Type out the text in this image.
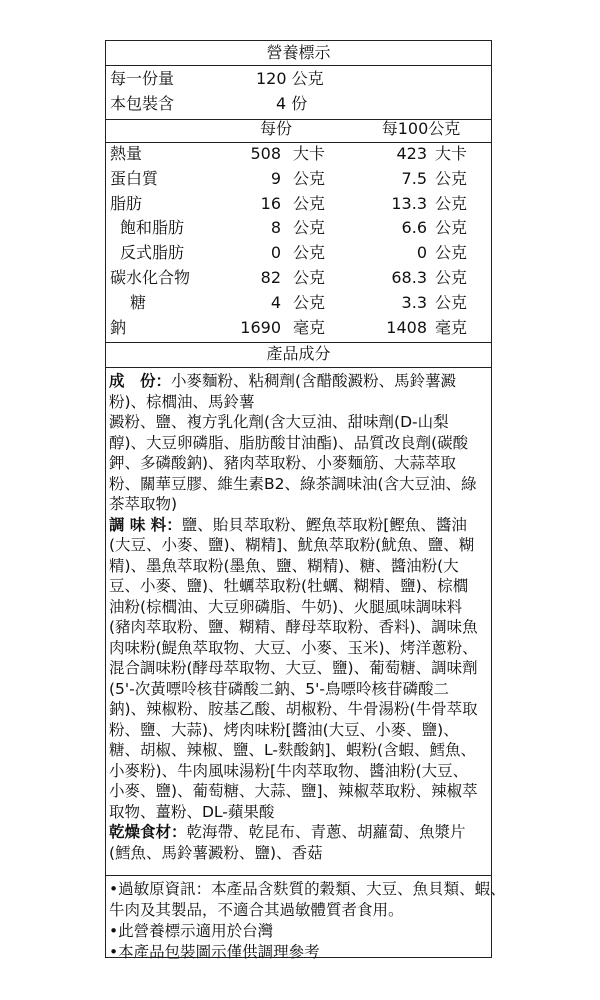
營養標示
每一份量	120 公克
本包裝含	4 份
每份	每100公克
熱量	508 大卡	423 大卡
蛋白質	9 公克	7.5 公克
脂肪	16 公克	13.3 公克
飽和脂肪	8 公克	6.6 公克
反式脂肪	0 公克	0 公克
碳水化合物	82 公克	68.3 公克
糖	4 公克	3.3 公克
鈉	1690 毫克	1408 毫克
產品成分
成　份：小麥麵粉、粘稠劑(含醋酸澱粉、馬鈴薯澱
粉)、棕櫚油、馬鈴薯
澱粉、鹽、複方乳化劑(含大豆油、甜味劑(D-山梨
醇)、大豆卵磷脂、脂肪酸甘油酯)、品質改良劑(碳酸
鉀、多磷酸鈉)、豬肉萃取粉、小麥麵筋、大蒜萃取
粉、關華豆膠、維生素B2、綠茶調味油(含大豆油、綠
茶萃取物)
調 味 料：鹽、貽貝萃取粉、鰹魚萃取粉[鰹魚、醬油
(大豆、小麥、鹽)、糊精]、魷魚萃取粉(魷魚、鹽、糊
精)、墨魚萃取粉(墨魚、鹽、糊精)、糖、醬油粉(大
豆、小麥、鹽)、牡蠣萃取粉(牡蠣、糊精、鹽)、棕櫚
油粉(棕櫚油、大豆卵磷脂、牛奶)、火腿風味調味料
(豬肉萃取粉、鹽、糊精、酵母萃取粉、香料)、調味魚
肉味粉(鯷魚萃取物、大豆、小麥、玉米)、烤洋蔥粉、
混合調味粉(酵母萃取物、大豆、鹽)、葡萄糖、調味劑
(5'-次黃嘌呤核苷磷酸二鈉、5'-鳥嘌呤核苷磷酸二
鈉)、辣椒粉、胺基乙酸、胡椒粉、牛骨湯粉(牛骨萃取
粉、鹽、大蒜)、烤肉味粉[醬油(大豆、小麥、鹽)、
糖、胡椒、辣椒、鹽、L-麩酸鈉]、蝦粉(含蝦、鱈魚、
小麥粉)、牛肉風味湯粉[牛肉萃取物、醬油粉(大豆、
小麥、鹽)、葡萄糖、大蒜、鹽]、辣椒萃取粉、辣椒萃
取物、薑粉、DL-蘋果酸
乾燥食材：乾海帶、乾昆布、青蔥、胡蘿蔔、魚漿片
(鱈魚、馬鈴薯澱粉、鹽)、香菇
•過敏原資訊：本產品含麩質的穀類、大豆、魚貝類、蝦、
牛肉及其製品，不適合其過敏體質者食用。
•此營養標示適用於台灣
•本產品包裝圖示僅供調理參考
